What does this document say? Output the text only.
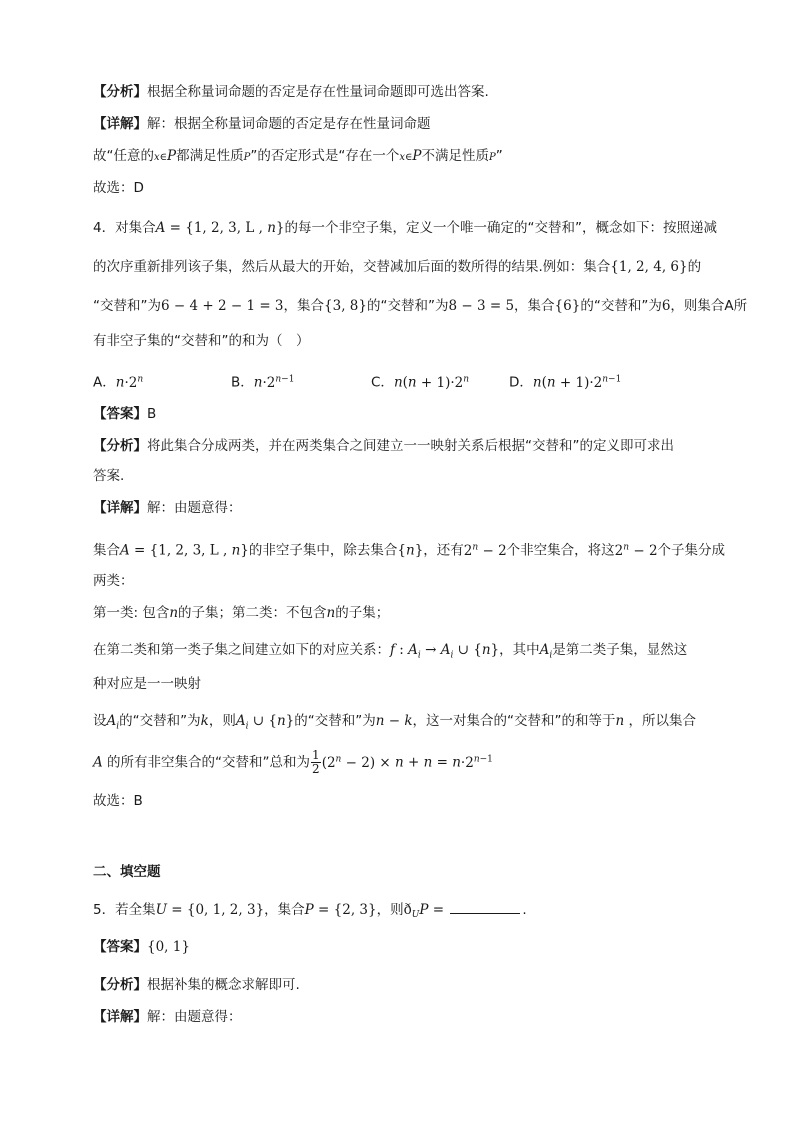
【分析】根据全称量词命题的否定是存在性量词命题即可选出答案.
【详解】解：根据全称量词命题的否定是存在性量词命题
故“任意的x∈P都满足性质P”的否定形式是“存在一个x∈P不满足性质P”
故选：D
4．对集合A = {1, 2, 3, L , n}的每一个非空子集，定义一个唯一确定的“交替和”，概念如下：按照递减
的次序重新排列该子集，然后从最大的开始，交替减加后面的数所得的结果.例如：集合{1, 2, 4, 6}的
“交替和”为6 − 4 + 2 − 1 = 3，集合{3, 8}的“交替和”为8 − 3 = 5，集合{6}的“交替和”为6，则集合A所
有非空子集的“交替和”的和为（　）
A．$n\cdot 2^n$	B．$n\cdot 2^{n-1}$	C．$n(n + 1)\cdot 2^n$	D．$n(n + 1)\cdot 2^{n-1}$
【答案】B
【分析】将此集合分成两类，并在两类集合之间建立一一映射关系后根据“交替和”的定义即可求出
答案.
【详解】解：由题意得：
集合A = {1, 2, 3, L , n}的非空子集中，除去集合{n}，还有$2^n - 2$个非空集合，将这$2^n - 2$个子集分成
两类：
第一类: 包含n的子集；第二类：不包含n的子集；
在第二类和第一类子集之间建立如下的对应关系：f : $A_i \to A_i$ ∪ {n}，其中$A_i$是第二类子集，显然这
种对应是一一映射
设$A_i$的“交替和”为k，则$A_i$ ∪ {n}的“交替和”为n − k，这一对集合的“交替和”的和等于n ，所以集合
A 的所有非空集合的“交替和”总和为 $\frac{1}{2} (2^n - 2) \times n + n = n\cdot 2^{n-1}$
故选：B
二、填空题
5．若全集U = {0, 1, 2, 3}，集合P = {2, 3}，则$ð_UP$ =	.
【答案】{0, 1}
【分析】根据补集的概念求解即可.
【详解】解：由题意得：
